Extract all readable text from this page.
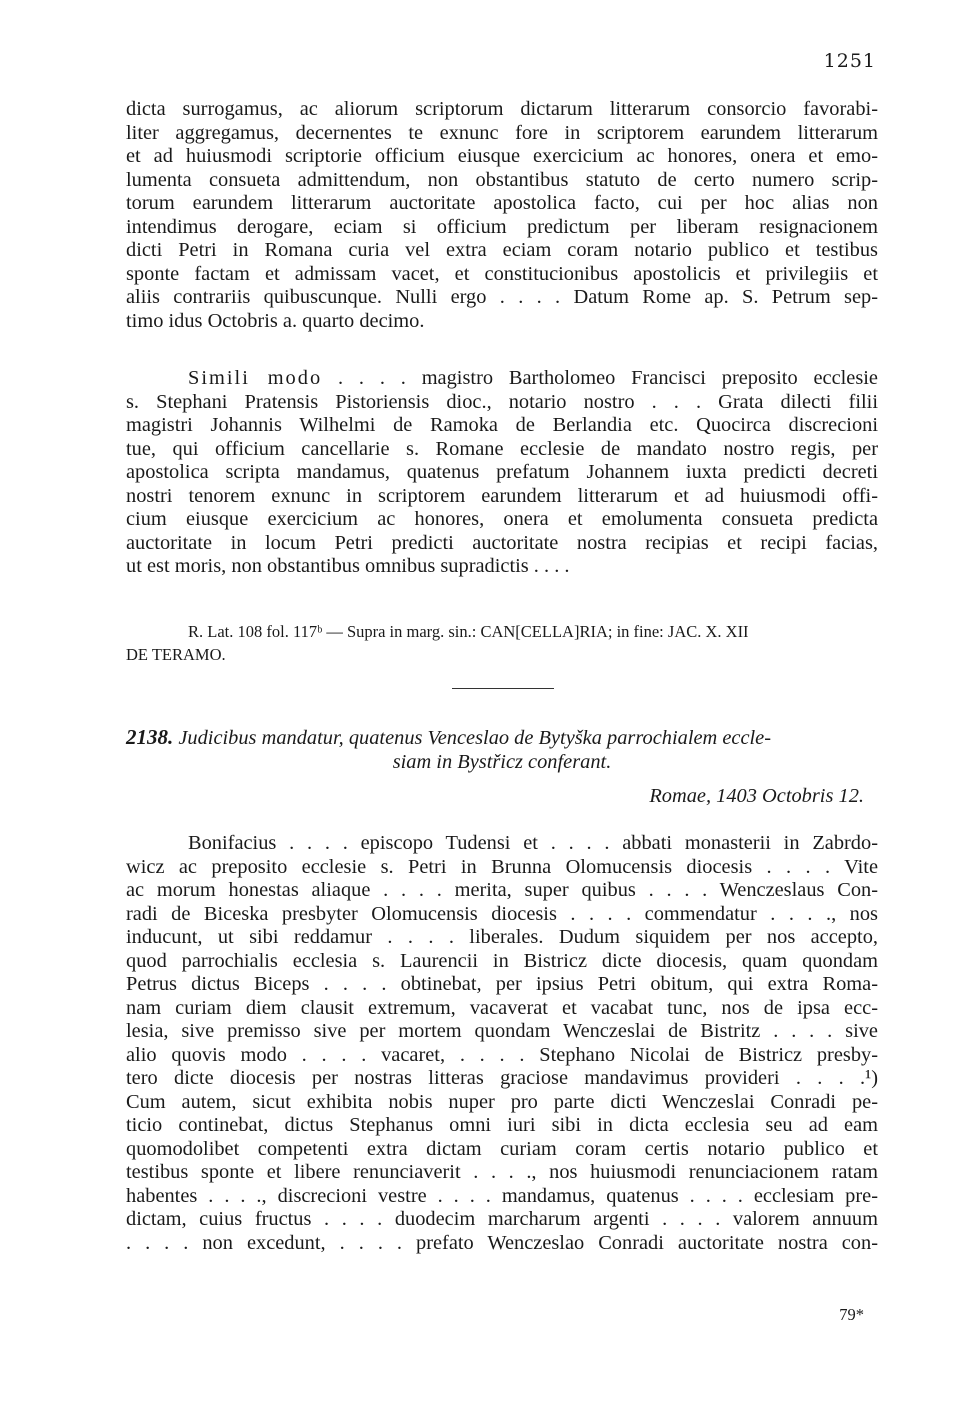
1251

dicta surrogamus, ac aliorum scriptorum dictarum litterarum consorcio favorabi-

liter aggregamus, decernentes te exnunc fore in scriptorem earundem litterarum

et ad huiusmodi scriptorie officium eiusque exercicium ac honores, onera et emo-

lumenta consueta admittendum, non obstantibus statuto de certo numero scrip-

torum earundem litterarum auctoritate apostolica facto, cui per hoc alias non

intendimus derogare, eciam si officium predictum per liberam resignacionem

dicti Petri in Romana curia vel extra eciam coram notario publico et testibus

sponte factam et admissam vacet, et constitucionibus apostolicis et privilegiis et

aliis contrariis quibuscunque. Nulli ergo . . . . Datum Rome ap. S. Petrum sep-

timo idus Octobris a. quarto decimo.

Simili modo . . . . magistro Bartholomeo Francisci preposito ecclesie

s. Stephani Pratensis Pistoriensis dioc., notario nostro . . . Grata dilecti filii

magistri Johannis Wilhelmi de Ramoka de Berlandia etc. Quocirca discrecioni

tue, qui officium cancellarie s. Romane ecclesie de mandato nostro regis, per

apostolica scripta mandamus, quatenus prefatum Johannem iuxta predicti decreti

nostri tenorem exnunc in scriptorem earundem litterarum et ad huiusmodi offi-

cium eiusque exercicium ac honores, onera et emolumenta consueta predicta

auctoritate in locum Petri predicti auctoritate nostra recipias et recipi facias,

ut est moris, non obstantibus omnibus supradictis . . . .

R. Lat. 108 fol. 117ᵇ — Supra in marg. sin.: CAN[CELLA]RIA; in fine: JAC. X. XII
DE TERAMO.
2138. Judicibus mandatur, quatenus Venceslao de Bytyška parrochialem eccle-
siam in Bystřicz conferant.
Romae, 1403 Octobris 12.

Bonifacius . . . . episcopo Tudensi et . . . . abbati monasterii in Zabrdo-

wicz ac preposito ecclesie s. Petri in Brunna Olomucensis diocesis . . . . Vite

ac morum honestas aliaque . . . . merita, super quibus . . . . Wenczeslaus Con-

radi de Biceska presbyter Olomucensis diocesis . . . . commendatur . . . ., nos

inducunt, ut sibi reddamur . . . . liberales. Dudum siquidem per nos accepto,

quod parrochialis ecclesia s. Laurencii in Bistricz dicte diocesis, quam quondam

Petrus dictus Biceps . . . . obtinebat, per ipsius Petri obitum, qui extra Roma-

nam curiam diem clausit extremum, vacaverat et vacabat tunc, nos de ipsa ecc-

lesia, sive premisso sive per mortem quondam Wenczeslai de Bistritz . . . . sive

alio quovis modo . . . . vacaret, . . . . Stephano Nicolai de Bistricz presby-

tero dicte diocesis per nostras litteras graciose mandavimus provideri . . . .¹)

Cum autem, sicut exhibita nobis nuper pro parte dicti Wenczeslai Conradi pe-

ticio continebat, dictus Stephanus omni iuri sibi in dicta ecclesia seu ad eam

quomodolibet competenti extra dictam curiam coram certis notario publico et

testibus sponte et libere renunciaverit . . . ., nos huiusmodi renunciacionem ratam

habentes . . . ., discrecioni vestre . . . . mandamus, quatenus . . . . ecclesiam pre-

dictam, cuius fructus . . . . duodecim marcharum argenti . . . . valorem annuum

. . . . non excedunt, . . . . prefato Wenczeslao Conradi auctoritate nostra con-

79*
